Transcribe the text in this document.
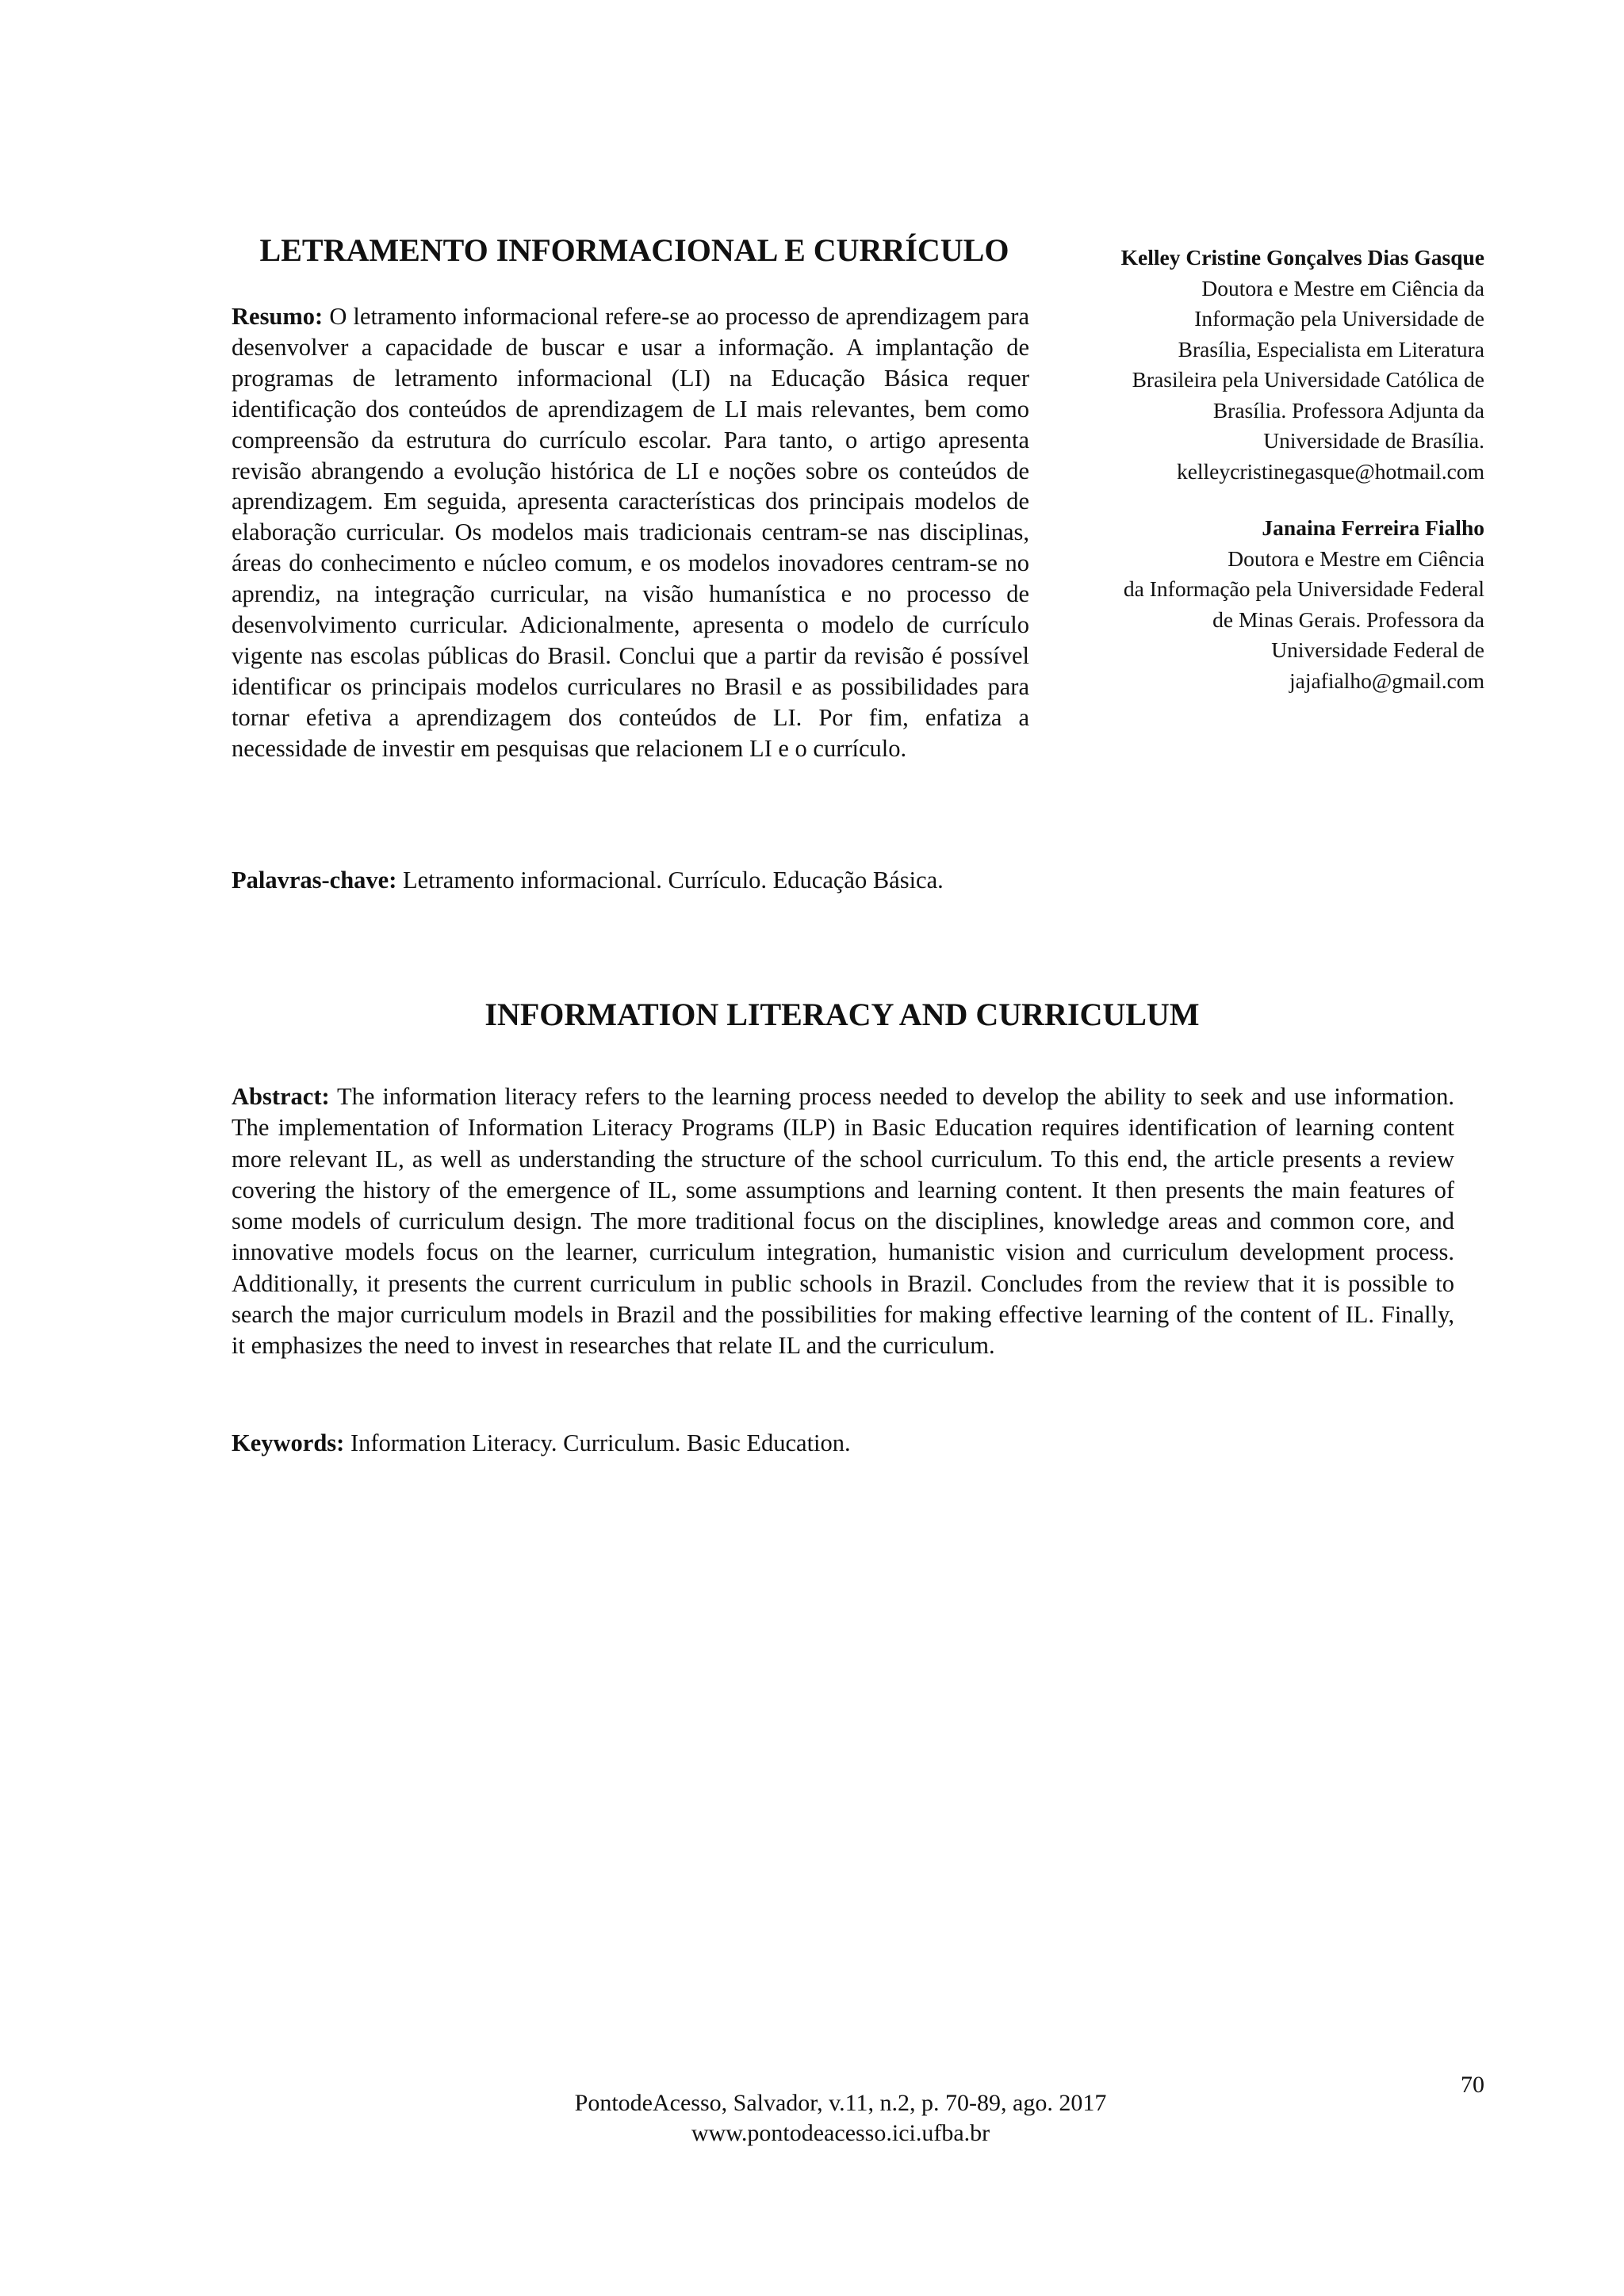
LETRAMENTO INFORMACIONAL E CURRÍCULO	Kelley Cristine Gonçalves Dias Gasque
Doutora e Mestre em Ciência da
Informação pela Universidade de
Brasília, Especialista em Literatura
Brasileira pela Universidade Católica de
Brasília. Professora Adjunta da
Universidade de Brasília.
kelleycristinegasque@hotmail.com
Janaina Ferreira Fialho
Doutora e Mestre em Ciência
da Informação pela Universidade Federal
de Minas Gerais. Professora da
Universidade Federal de
jajafialho@gmail.com

Resumo: O letramento informacional refere-se ao processo de aprendizagem para desenvolver a capacidade de buscar e usar a informação. A implantação de programas de letramento informacional (LI) na Educação Básica requer identificação dos conteúdos de aprendizagem de LI mais relevantes, bem como compreensão da estrutura do currículo escolar. Para tanto, o artigo apresenta revisão abrangendo a evolução histórica de LI e noções sobre os conteúdos de aprendizagem. Em seguida, apresenta características dos principais modelos de elaboração curricular. Os modelos mais tradicionais centram-se nas disciplinas, áreas do conhecimento e núcleo comum, e os modelos inovadores centram-se no aprendiz, na integração curricular, na visão humanística e no processo de desenvolvimento curricular. Adicionalmente, apresenta o modelo de currículo vigente nas escolas públicas do Brasil. Conclui que a partir da revisão é possível identificar os principais modelos curriculares no Brasil e as possibilidades para tornar efetiva a aprendizagem dos conteúdos de LI. Por fim, enfatiza a necessidade de investir em pesquisas que relacionem LI e o currículo.

Palavras-chave: Letramento informacional. Currículo. Educação Básica.

INFORMATION LITERACY AND CURRICULUM

Abstract: The information literacy refers to the learning process needed to develop the ability to seek and use information. The implementation of Information Literacy Programs (ILP) in Basic Education requires identification of learning content more relevant IL, as well as understanding the structure of the school curriculum. To this end, the article presents a review covering the history of the emergence of IL, some assumptions and learning content. It then presents the main features of some models of curriculum design. The more traditional focus on the disciplines, knowledge areas and common core, and innovative models focus on the learner, curriculum integration, humanistic vision and curriculum development process. Additionally, it presents the current curriculum in public schools in Brazil. Concludes from the review that it is possible to search the major curriculum models in Brazil and the possibilities for making effective learning of the content of IL. Finally, it emphasizes the need to invest in researches that relate IL and the curriculum.

Keywords: Information Literacy. Curriculum. Basic Education.

70
PontodeAcesso, Salvador, v.11, n.2, p. 70-89, ago. 2017
www.pontodeacesso.ici.ufba.br
